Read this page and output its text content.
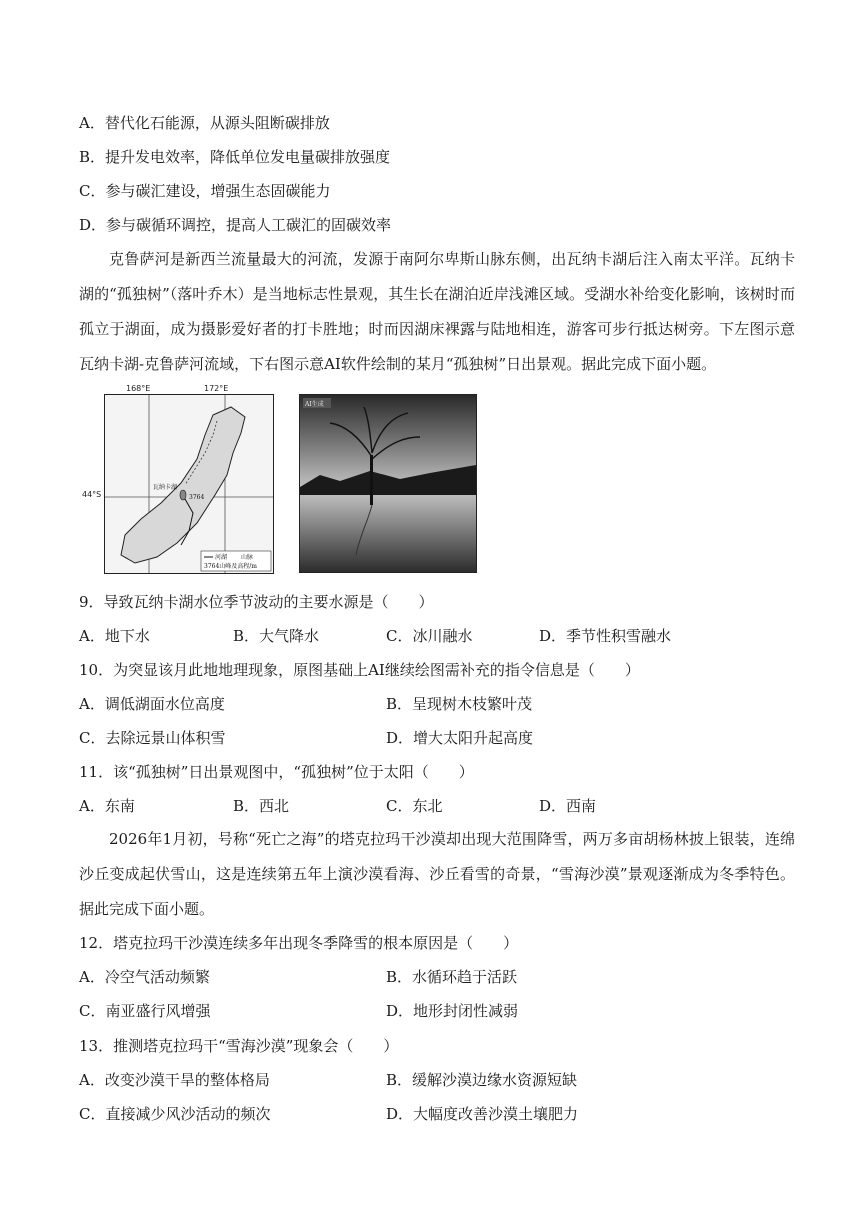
A．替代化石能源，从源头阻断碳排放
B．提升发电效率，降低单位发电量碳排放强度
C．参与碳汇建设，增强生态固碳能力
D．参与碳循环调控，提高人工碳汇的固碳效率
克鲁萨河是新西兰流量最大的河流，发源于南阿尔卑斯山脉东侧，出瓦纳卡湖后注入南太平洋。瓦纳卡湖的“孤独树”（落叶乔木）是当地标志性景观，其生长在湖泊近岸浅滩区域。受湖水补给变化影响，该树时而孤立于湖面，成为摄影爱好者的打卡胜地；时而因湖床裸露与陆地相连，游客可步行抵达树旁。下左图示意瓦纳卡湖-克鲁萨河流域，下右图示意AI软件绘制的某月“孤独树”日出景观。据此完成下面小题。
168°E	172°E
44°S
瓦纳卡湖
3764
河湖 山脉
3764山峰及高程/m
AI生成
9．导致瓦纳卡湖水位季节波动的主要水源是（　　）
A．地下水	B．大气降水	C．冰川融水	D．季节性积雪融水
10．为突显该月此地地理现象，原图基础上AI继续绘图需补充的指令信息是（　　）
A．调低湖面水位高度	B．呈现树木枝繁叶茂
C．去除远景山体积雪	D．增大太阳升起高度
11．该“孤独树”日出景观图中，“孤独树”位于太阳（　　）
A．东南	B．西北	C．东北	D．西南
2026年1月初，号称“死亡之海”的塔克拉玛干沙漠却出现大范围降雪，两万多亩胡杨林披上银装，连绵沙丘变成起伏雪山，这是连续第五年上演沙漠看海、沙丘看雪的奇景，“雪海沙漠”景观逐渐成为冬季特色。据此完成下面小题。
12．塔克拉玛干沙漠连续多年出现冬季降雪的根本原因是（　　）
A．冷空气活动频繁	B．水循环趋于活跃
C．南亚盛行风增强	D．地形封闭性减弱
13．推测塔克拉玛干“雪海沙漠”现象会（　　）
A．改变沙漠干旱的整体格局	B．缓解沙漠边缘水资源短缺
C．直接减少风沙活动的频次	D．大幅度改善沙漠土壤肥力
